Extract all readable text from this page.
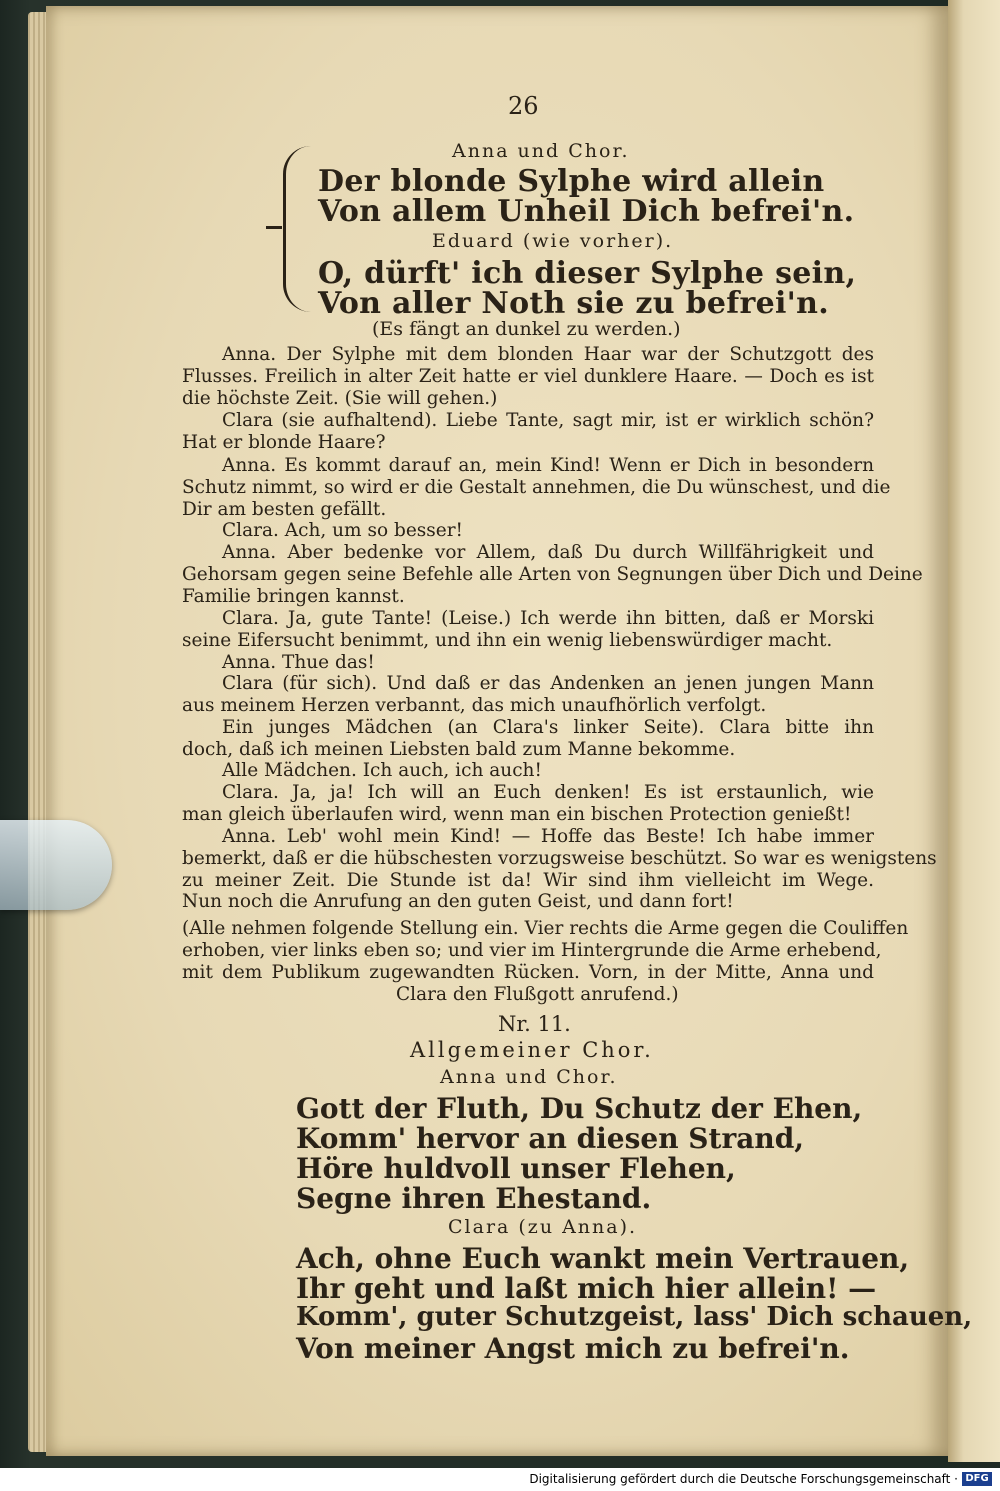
26
Anna und Chor.
Der blonde Sylphe wird allein
Von allem Unheil Dich befrei'n.
Eduard (wie vorher).
O, dürft' ich dieser Sylphe sein,
Von aller Noth sie zu befrei'n.
(Es fängt an dunkel zu werden.)
Anna. Der Sylphe mit dem blonden Haar war der Schutzgott des
Flusses. Freilich in alter Zeit hatte er viel dunklere Haare. — Doch es ist
die höchste Zeit. (Sie will gehen.)
Clara (sie aufhaltend). Liebe Tante, sagt mir, ist er wirklich schön?
Hat er blonde Haare?
Anna. Es kommt darauf an, mein Kind! Wenn er Dich in besondern
Schutz nimmt, so wird er die Gestalt annehmen, die Du wünschest, und die
Dir am besten gefällt.
Clara. Ach, um so besser!
Anna. Aber bedenke vor Allem, daß Du durch Willfährigkeit und
Gehorsam gegen seine Befehle alle Arten von Segnungen über Dich und Deine
Familie bringen kannst.
Clara. Ja, gute Tante! (Leise.) Ich werde ihn bitten, daß er Morski
seine Eifersucht benimmt, und ihn ein wenig liebenswürdiger macht.
Anna. Thue das!
Clara (für sich). Und daß er das Andenken an jenen jungen Mann
aus meinem Herzen verbannt, das mich unaufhörlich verfolgt.
Ein junges Mädchen (an Clara's linker Seite). Clara bitte ihn
doch, daß ich meinen Liebsten bald zum Manne bekomme.
Alle Mädchen. Ich auch, ich auch!
Clara. Ja, ja! Ich will an Euch denken! Es ist erstaunlich, wie
man gleich überlaufen wird, wenn man ein bischen Protection genießt!
Anna. Leb' wohl mein Kind! — Hoffe das Beste! Ich habe immer
bemerkt, daß er die hübschesten vorzugsweise beschützt. So war es wenigstens
zu meiner Zeit. Die Stunde ist da! Wir sind ihm vielleicht im Wege.
Nun noch die Anrufung an den guten Geist, und dann fort!
(Alle nehmen folgende Stellung ein. Vier rechts die Arme gegen die Couliffen
erhoben, vier links eben so; und vier im Hintergrunde die Arme erhebend,
mit dem Publikum zugewandten Rücken. Vorn, in der Mitte, Anna und
Clara den Flußgott anrufend.)
Nr. 11.
Allgemeiner Chor.
Anna und Chor.
Gott der Fluth, Du Schutz der Ehen,
Komm' hervor an diesen Strand,
Höre huldvoll unser Flehen,
Segne ihren Ehestand.
Clara (zu Anna).
Ach, ohne Euch wankt mein Vertrauen,
Ihr geht und laßt mich hier allein! —
Komm', guter Schutzgeist, lass' Dich schauen,
Von meiner Angst mich zu befrei'n.
Digitalisierung gefördert durch die Deutsche Forschungsgemeinschaft · DFG
